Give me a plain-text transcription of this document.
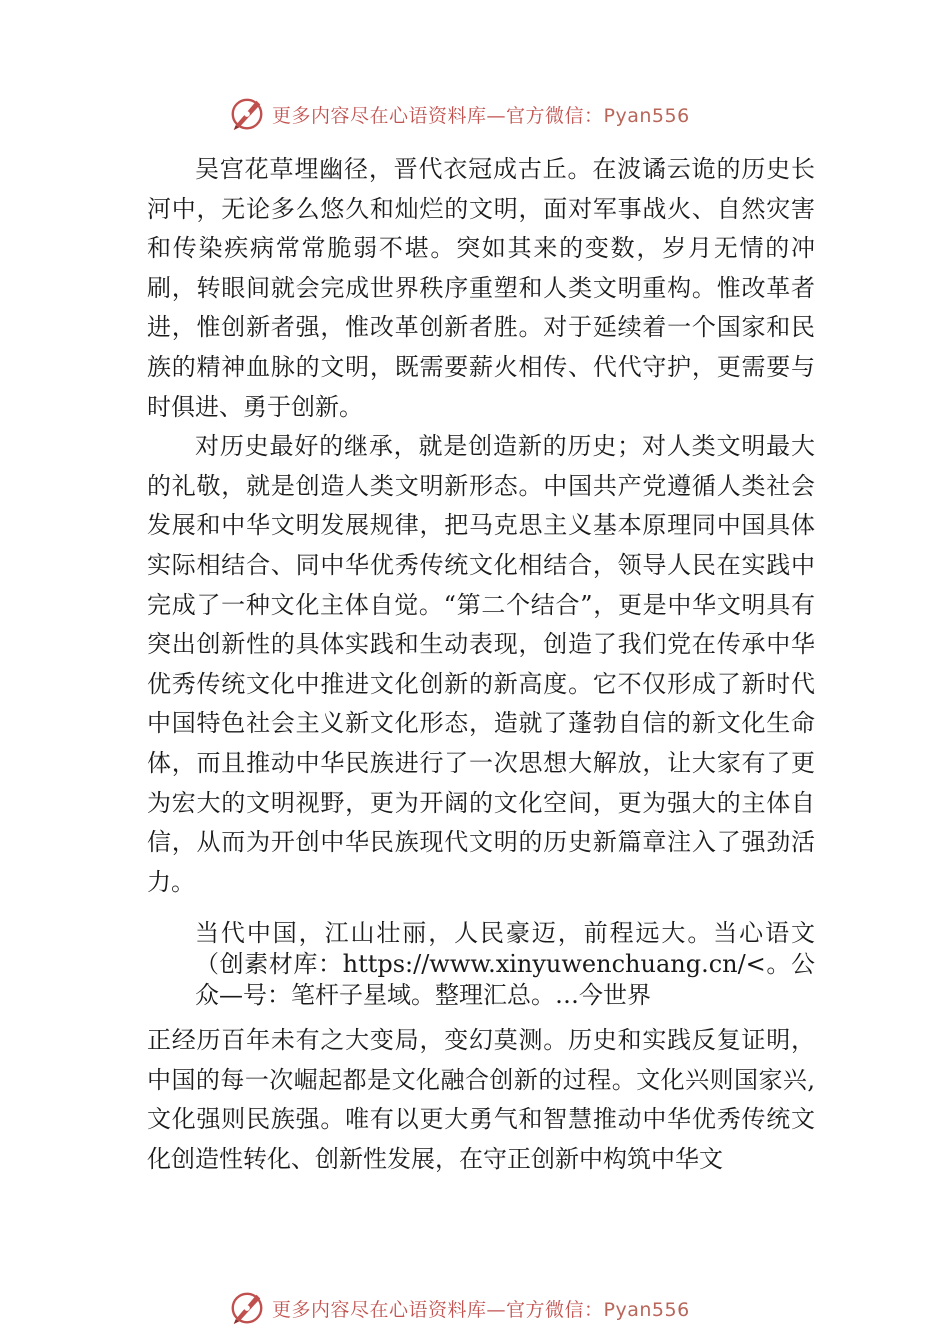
更多内容尽在心语资料库—官方微信：Pyan556

吴宫花草埋幽径，晋代衣冠成古丘。在波谲云诡的历史长河中，无论多么悠久和灿烂的文明，面对军事战火、自然灾害和传染疾病常常脆弱不堪。突如其来的变数，岁月无情的冲刷，转眼间就会完成世界秩序重塑和人类文明重构。惟改革者进，惟创新者强，惟改革创新者胜。对于延续着一个国家和民族的精神血脉的文明，既需要薪火相传、代代守护，更需要与时俱进、勇于创新。

对历史最好的继承，就是创造新的历史；对人类文明最大的礼敬，就是创造人类文明新形态。中国共产党遵循人类社会发展和中华文明发展规律，把马克思主义基本原理同中国具体实际相结合、同中华优秀传统文化相结合，领导人民在实践中完成了一种文化主体自觉。“第二个结合”，更是中华文明具有突出创新性的具体实践和生动表现，创造了我们党在传承中华优秀传统文化中推进文化创新的新高度。它不仅形成了新时代中国特色社会主义新文化形态，造就了蓬勃自信的新文化生命体，而且推动中华民族进行了一次思想大解放，让大家有了更为宏大的文明视野，更为开阔的文化空间，更为强大的主体自信，从而为开创中华民族现代文明的历史新篇章注入了强劲活力。

当代中国，江山壮丽，人民豪迈，前程远大。当心语文（创素材库：https://www.xinyuwenchuang.cn/<。公众—号：笔杆子星域。整理汇总。…今世界

正经历百年未有之大变局，变幻莫测。历史和实践反复证明，中国的每一次崛起都是文化融合创新的过程。文化兴则国家兴,文化强则民族强。唯有以更大勇气和智慧推动中华优秀传统文化创造性转化、创新性发展，在守正创新中构筑中华文

更多内容尽在心语资料库—官方微信：Pyan556
